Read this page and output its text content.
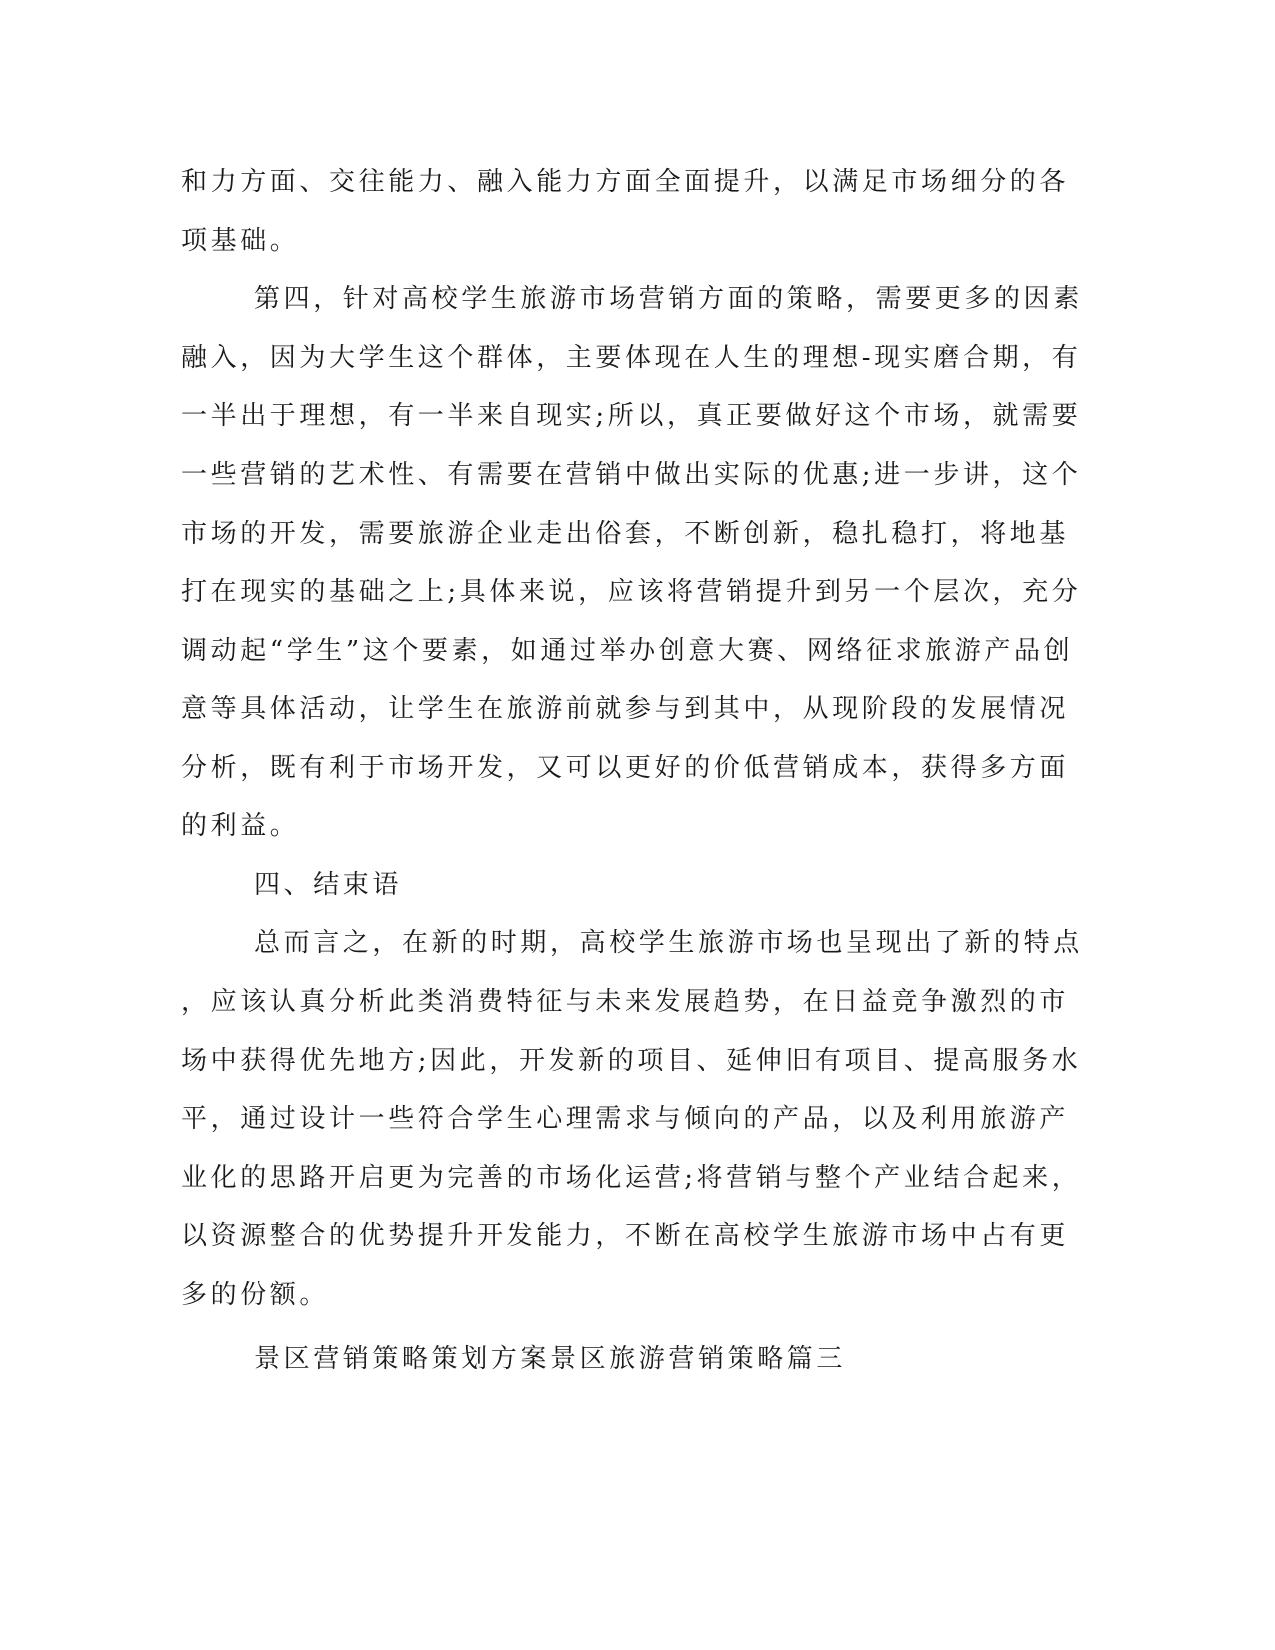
和力方面、交往能力、融入能力方面全面提升，以满足市场细分的各
项基础。
第四，针对高校学生旅游市场营销方面的策略，需要更多的因素
融入，因为大学生这个群体，主要体现在人生的理想-现实磨合期，有
一半出于理想，有一半来自现实;所以，真正要做好这个市场，就需要
一些营销的艺术性、有需要在营销中做出实际的优惠;进一步讲，这个
市场的开发，需要旅游企业走出俗套，不断创新，稳扎稳打，将地基
打在现实的基础之上;具体来说，应该将营销提升到另一个层次，充分
调动起“学生”这个要素，如通过举办创意大赛、网络征求旅游产品创
意等具体活动，让学生在旅游前就参与到其中，从现阶段的发展情况
分析，既有利于市场开发，又可以更好的价低营销成本，获得多方面
的利益。
四、结束语
总而言之，在新的时期，高校学生旅游市场也呈现出了新的特点
，应该认真分析此类消费特征与未来发展趋势，在日益竞争激烈的市
场中获得优先地方;因此，开发新的项目、延伸旧有项目、提高服务水
平，通过设计一些符合学生心理需求与倾向的产品，以及利用旅游产
业化的思路开启更为完善的市场化运营;将营销与整个产业结合起来，
以资源整合的优势提升开发能力，不断在高校学生旅游市场中占有更
多的份额。
景区营销策略策划方案景区旅游营销策略篇三
